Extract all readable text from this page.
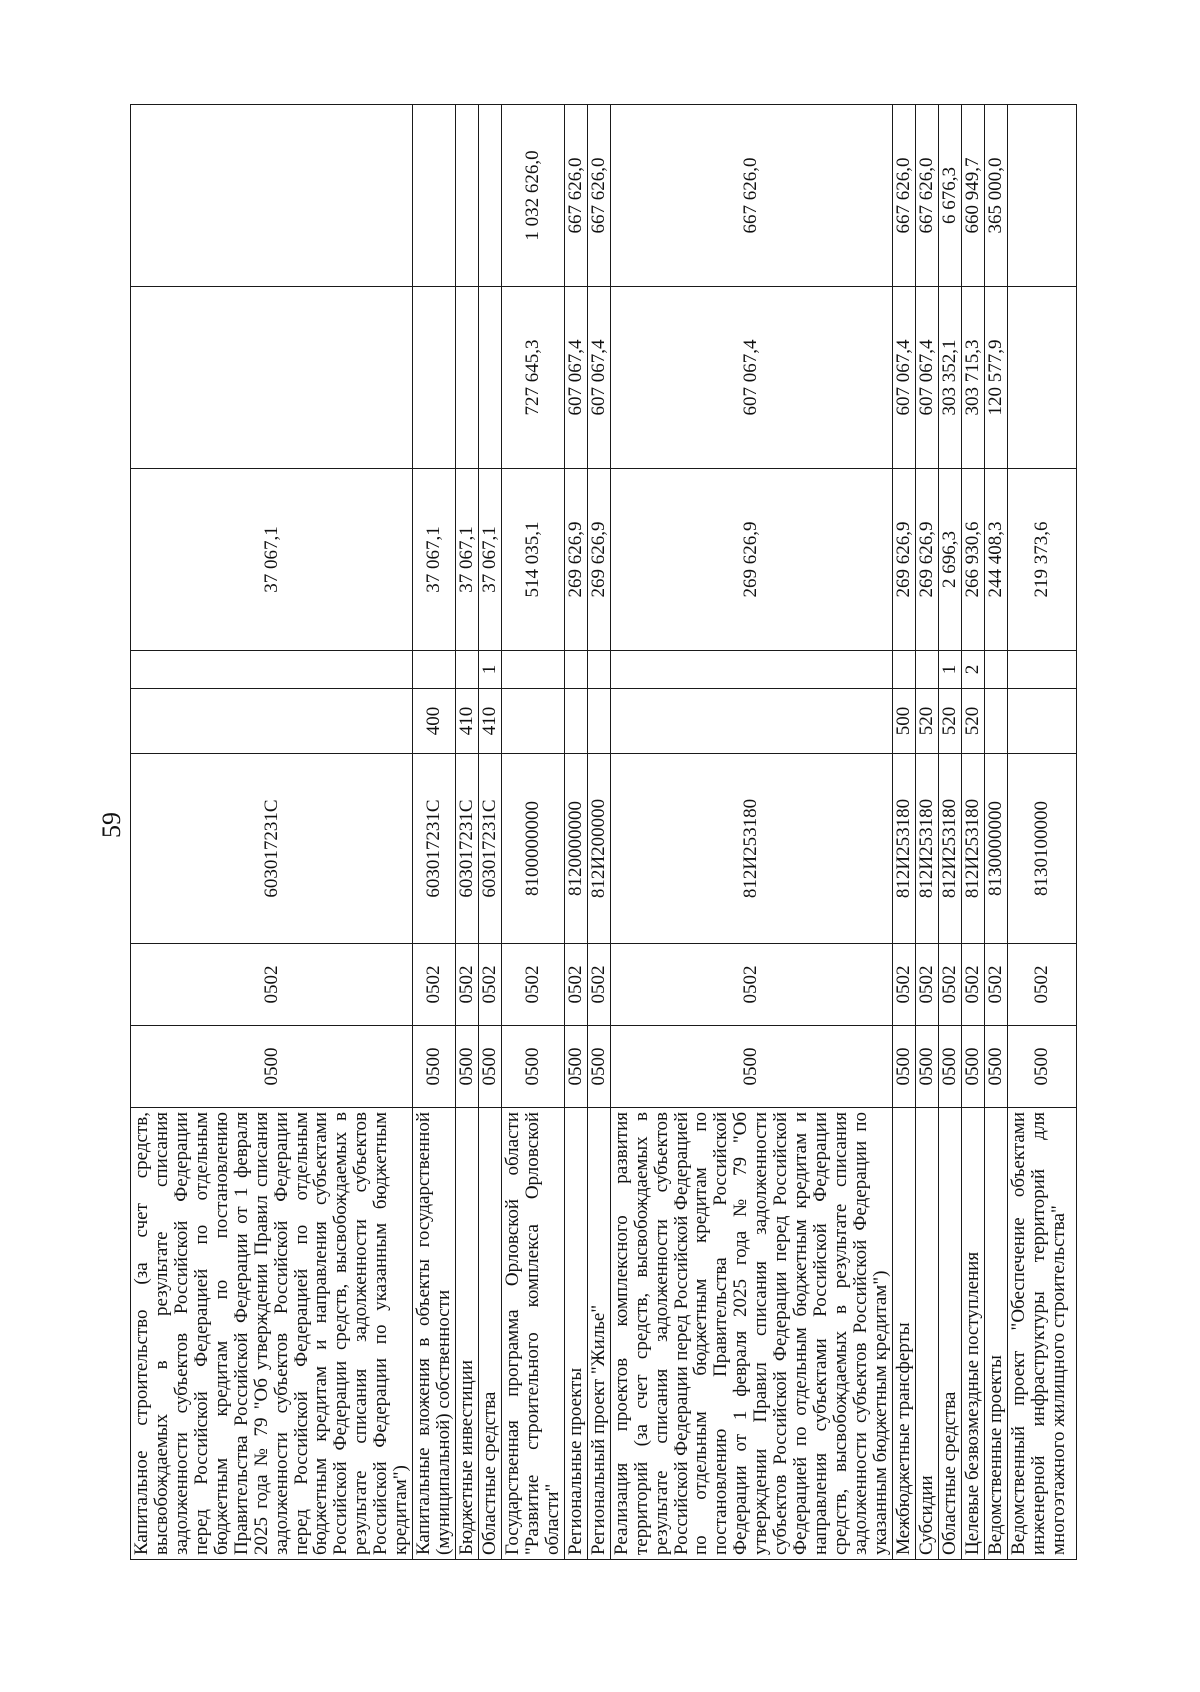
59
Капитальное строительство (за счет средств, высвобождаемых в результате списания задолженности субъектов Российской Федерации перед Российской Федерацией по отдельным бюджетным кредитам по постановлению Правительства Российской Федерации от 1 февраля 2025 года № 79 "Об утверждении Правил списания задолженности субъектов Российской Федерации перед Российской Федерацией по отдельным бюджетным кредитам и направления субъектами Российской Федерации средств, высвобождаемых в результате списания задолженности субъектов Российской Федерации по указанным бюджетным кредитам")	0500	0502	603017231С			37 067,1		
Капитальные вложения в объекты государственной (муниципальной) собственности	0500	0502	603017231С	400		37 067,1		
Бюджетные инвестиции	0500	0502	603017231С	410		37 067,1		
Областные средства	0500	0502	603017231С	410	1	37 067,1		
Государственная программа Орловской области "Развитие строительного комплекса Орловской области"	0500	0502	8100000000			514 035,1	727 645,3	1 032 626,0
Региональные проекты	0500	0502	8120000000			269 626,9	607 067,4	667 626,0
Региональный проект "Жилье"	0500	0502	812И200000			269 626,9	607 067,4	667 626,0
Реализация проектов комплексного развития территорий (за счет средств, высвобождаемых в результате списания задолженности субъектов Российской Федерации перед Российской Федерацией по отдельным бюджетным кредитам по постановлению Правительства Российской Федерации от 1 февраля 2025 года № 79 "Об утверждении Правил списания задолженности субъектов Российской Федерации перед Российской Федерацией по отдельным бюджетным кредитам и направления субъектами Российской Федерации средств, высвобождаемых в результате списания задолженности субъектов Российской Федерации по указанным бюджетным кредитам")	0500	0502	812И253180			269 626,9	607 067,4	667 626,0
Межбюджетные трансферты	0500	0502	812И253180	500		269 626,9	607 067,4	667 626,0
Субсидии	0500	0502	812И253180	520		269 626,9	607 067,4	667 626,0
Областные средства	0500	0502	812И253180	520	1	2 696,3	303 352,1	6 676,3
Целевые безвозмездные поступления	0500	0502	812И253180	520	2	266 930,6	303 715,3	660 949,7
Ведомственные проекты	0500	0502	8130000000			244 408,3	120 577,9	365 000,0
Ведомственный проект "Обеспечение объектами инженерной инфраструктуры территорий для многоэтажного жилищного строительства"	0500	0502	8130100000			219 373,6		
